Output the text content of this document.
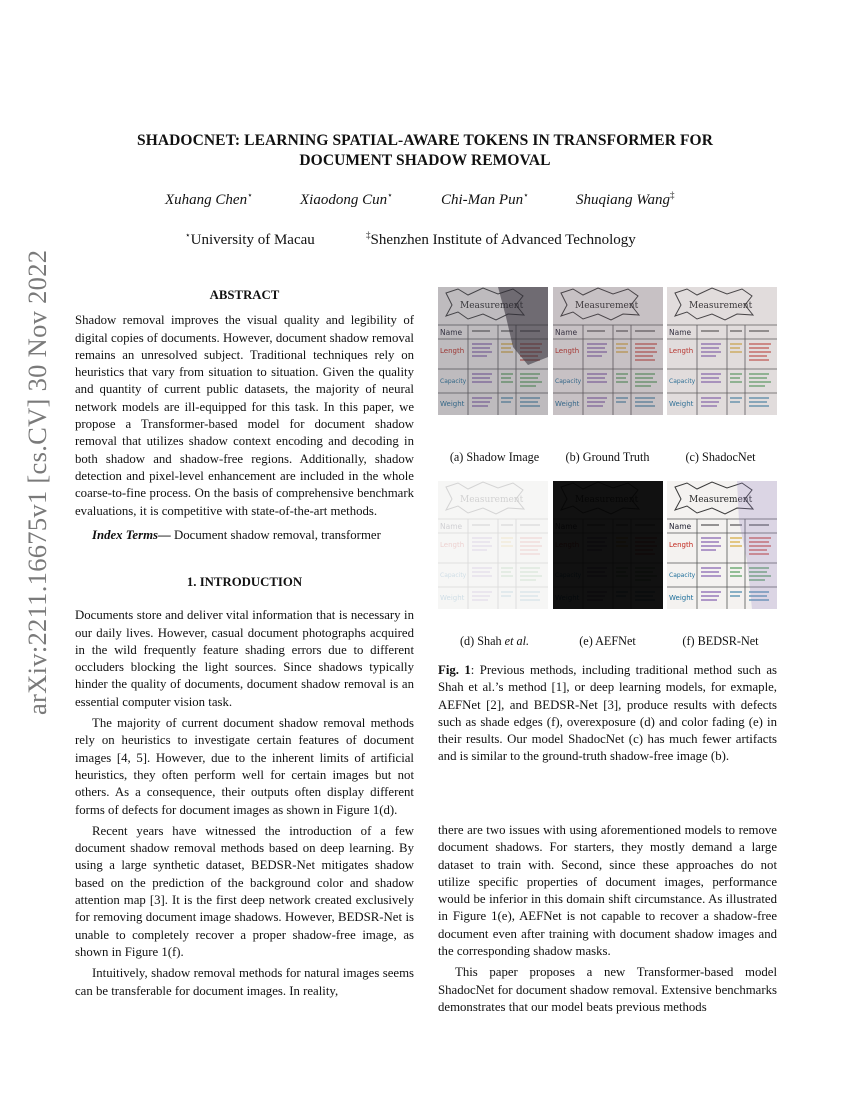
arXiv:2211.16675v1 [cs.CV] 30 Nov 2022
SHADOCNET: LEARNING SPATIAL-AWARE TOKENS IN TRANSFORMER FOR
DOCUMENT SHADOW REMOVAL
Xuhang Chen⋆	Xiaodong Cun⋆	Chi-Man Pun⋆	Shuqiang Wang‡
⋆University of Macau	‡Shenzhen Institute of Advanced Technology
ABSTRACT

Shadow removal improves the visual quality and legibility of digital copies of documents. However, document shadow removal remains an unresolved subject. Traditional techniques rely on heuristics that vary from situation to situation. Given the quality and quantity of current public datasets, the majority of neural network models are ill-equipped for this task. In this paper, we propose a Transformer-based model for document shadow removal that utilizes shadow context encoding and decoding in both shadow and shadow-free regions. Additionally, shadow detection and pixel-level enhancement are included in the whole coarse-to-fine process. On the basis of comprehensive benchmark evaluations, it is competitive with state-of-the-art methods.

Index Terms— Document shadow removal, transformer

1. INTRODUCTION

Documents store and deliver vital information that is necessary in our daily lives. However, casual document photographs acquired in the wild frequently feature shading errors due to different occluders blocking the light sources. Since shadows typically hinder the quality of documents, document shadow removal is an essential computer vision task.

The majority of current document shadow removal methods rely on heuristics to investigate certain features of document images [4, 5]. However, due to the inherent limits of artificial heuristics, they often perform well for certain images but not others. As a consequence, their outputs often display different forms of defects for document images as shown in Figure 1(d).

Recent years have witnessed the introduction of a few document shadow removal methods based on deep learning. By using a large synthetic dataset, BEDSR-Net mitigates shadow based on the prediction of the background color and shadow attention map [3]. It is the first deep network created exclusively for removing document image shadows. However, BEDSR-Net is unable to completely recover a proper shadow-free image, as shown in Figure 1(f).

Intuitively, shadow removal methods for natural images seems can be transferable for document images. In reality,

(a) Shadow Image	(b) Ground Truth	(c) ShadocNet
(d) Shah et al.	(e) AEFNet	(f) BEDSR-Net
Fig. 1: Previous methods, including traditional method such as Shah et al.’s method [1], or deep learning models, for exmaple, AEFNet [2], and BEDSR-Net [3], produce results with defects such as shade edges (f), overexposure (d) and color fading (e) in their results. Our model ShadocNet (c) has much fewer artifacts and is similar to the ground-truth shadow-free image (b).

there are two issues with using aforementioned models to remove document shadows. For starters, they mostly demand a large dataset to train with. Second, since these approaches do not utilize specific properties of document images, performance would be inferior in this domain shift circumstance. As illustrated in Figure 1(e), AEFNet is not capable to recover a shadow-free document even after training with document shadow images and the corresponding shadow masks.

This paper proposes a new Transformer-based model ShadocNet for document shadow removal. Extensive benchmarks demonstrates that our model beats previous methods
